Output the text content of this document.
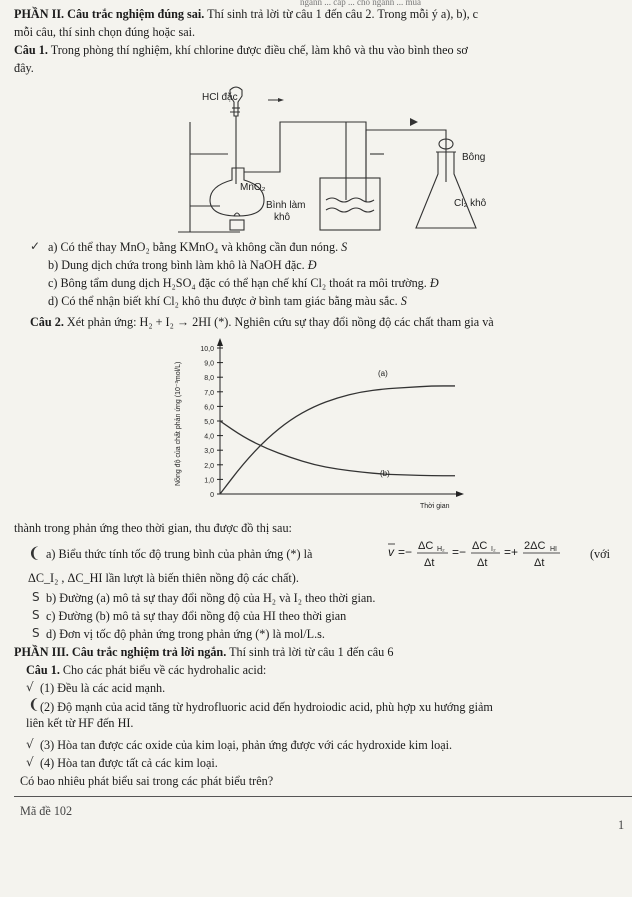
ngann ... cap ... cho ngann ... mua
PHẦN II. Câu trắc nghiệm đúng sai. Thí sinh trả lời từ câu 1 đến câu 2. Trong mỗi ý a), b), c
mỗi câu, thí sinh chọn đúng hoặc sai.
Câu 1. Trong phòng thí nghiệm, khí chlorine được điều chế, làm khô và thu vào bình theo sơ
đây.
HCl đặc
MnO₂
Bình làm
khô
Bông
Cl₂ khô
a) Có thể thay MnO₂ bằng KMnO₄ và không cần đun nóng. S
✓
b) Dung dịch chứa trong bình làm khô là NaOH đặc. Đ
c) Bông tẩm dung dịch H₂SO₄ đặc có thể hạn chế khí Cl₂ thoát ra môi trường. Đ
d) Có thể nhận biết khí Cl₂ khô thu được ở bình tam giác bằng màu sắc. S
Câu 2. Xét phản ứng: H₂ + I₂ → 2HI (*). Nghiên cứu sự thay đổi nồng độ các chất tham gia và
Nồng độ của chất phản ứng (10⁻³mol/L)
10,0
9,0
8,0
7,0
6,0
5,0
4,0
3,0
2,0
1,0
0
(a)
(b)
Thời gian
thành trong phản ứng theo thời gian, thu được đồ thị sau:
a) Biểu thức tính tốc độ trung bình của phản ứng (*) là
❨	v =− ΔC H₂
Δt
=− ΔC I₂
Δt
=+ 2ΔC HI
Δt
(với
ΔC_I₂ , ΔC_HI lần lượt là biến thiên nồng độ các chất).
b) Đường (a) mô tả sự thay đổi nồng độ của H₂ và I₂ theo thời gian.
S
c) Đường (b) mô tả sự thay đổi nồng độ của HI theo thời gian
S
d) Đơn vị tốc độ phản ứng trong phản ứng (*) là mol/L.s.
S
PHẦN III. Câu trắc nghiệm trả lời ngắn. Thí sinh trả lời từ câu 1 đến câu 6
Câu 1. Cho các phát biểu về các hydrohalic acid:
(1) Đều là các acid mạnh.
√
(2) Độ mạnh của acid tăng từ hydrofluoric acid đến hydroiodic acid, phù hợp xu hướng giảm
❨
liên kết từ HF đến HI.
(3) Hòa tan được các oxide của kim loại, phản ứng được với các hydroxide kim loại.
√
(4) Hòa tan được tất cả các kim loại.
√
Có bao nhiêu phát biểu sai trong các phát biểu trên?
Mã đề 102
1
